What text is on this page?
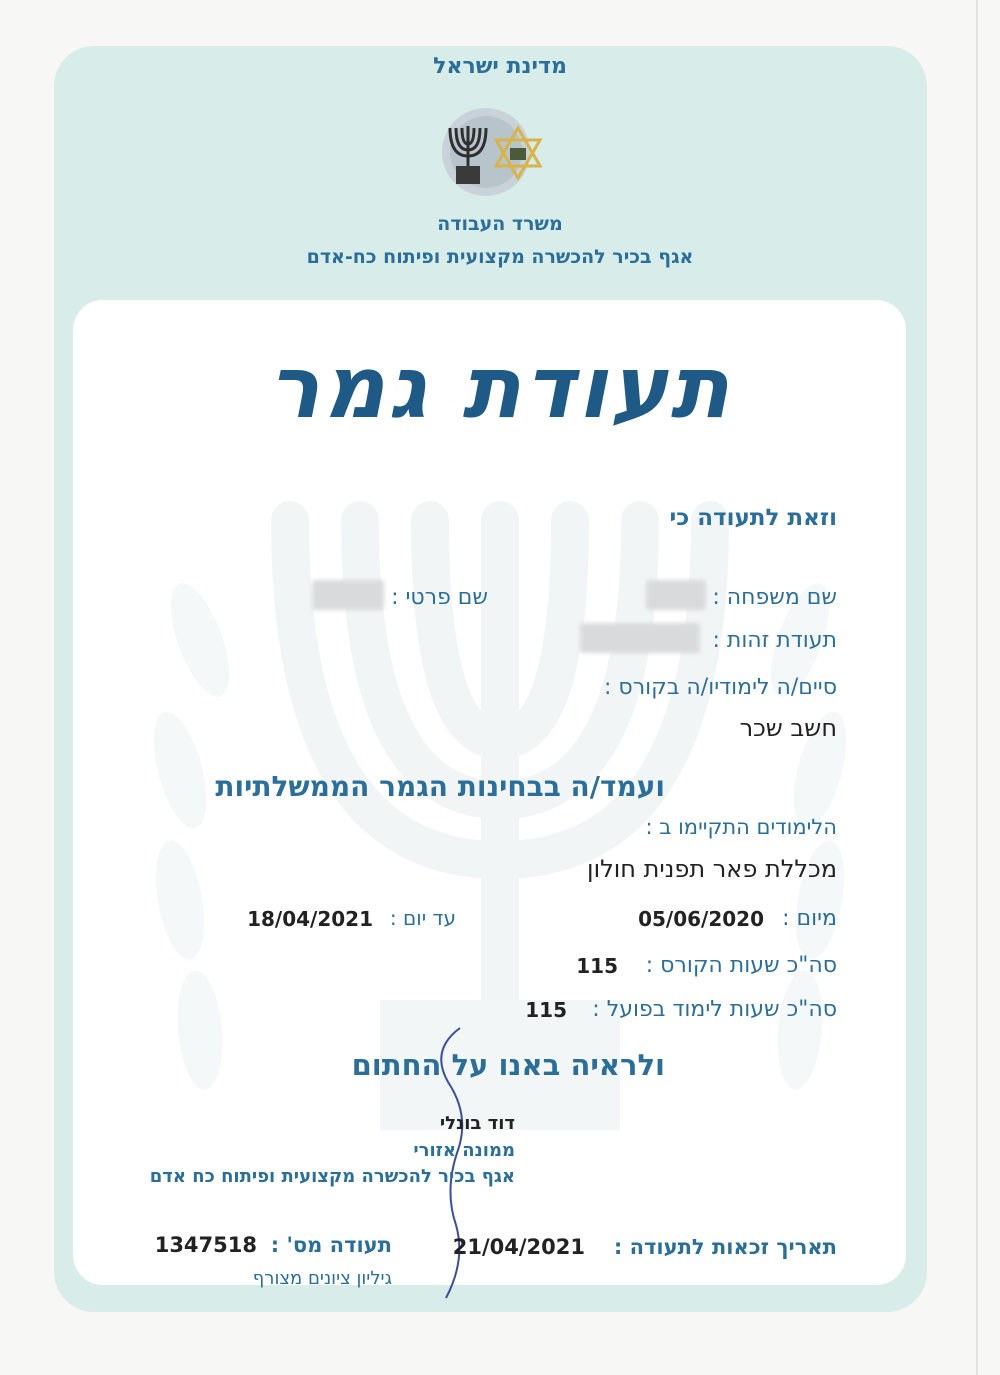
מדינת ישראל
משרד העבודה
אגף בכיר להכשרה מקצועית ופיתוח כח-אדם
תעודת גמר
וזאת לתעודה כי
שם משפחה :
שם פרטי :
תעודת זהות :
סיים/ה לימודיו/ה בקורס :
חשב שכר
ועמד/ה בבחינות הגמר הממשלתיות
הלימודים התקיימו ב :
מכללת פאר תפנית חולון
מיום :
05/06/2020
עד יום :
18/04/2021
סה"כ שעות הקורס :
115
סה"כ שעות לימוד בפועל :
115
ולראיה באנו על החתום
דוד בונלי
ממונה אזורי
אגף בכיר להכשרה מקצועית ופיתוח כח אדם
תאריך זכאות לתעודה :
21/04/2021
תעודה מס' :
1347518
גיליון ציונים מצורף
